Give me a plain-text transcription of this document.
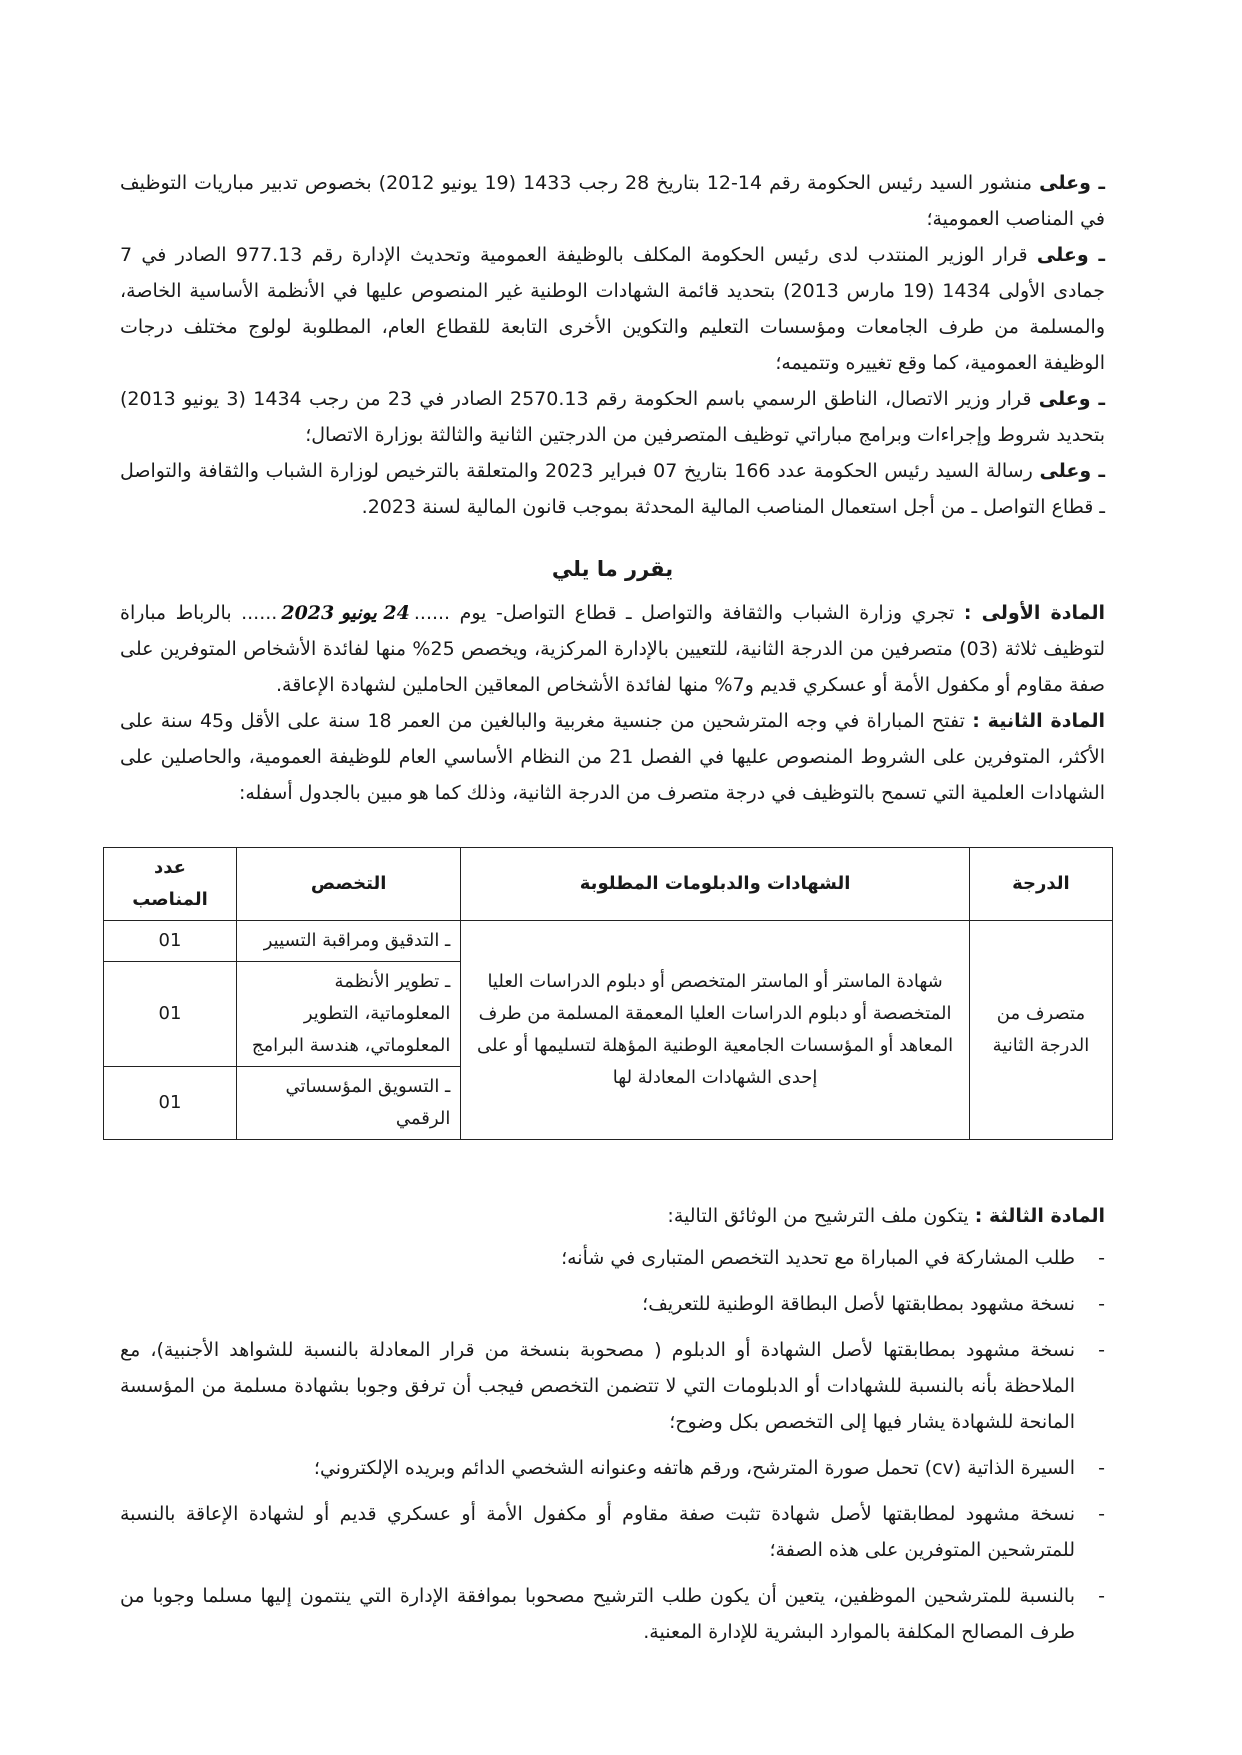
ـ وعلى منشور السيد رئيس الحكومة رقم 14-12 بتاريخ 28 رجب 1433 (19 يونيو 2012) بخصوص تدبير مباريات التوظيف في المناصب العمومية؛

ـ وعلى قرار الوزير المنتدب لدى رئيس الحكومة المكلف بالوظيفة العمومية وتحديث الإدارة رقم 977.13 الصادر في 7 جمادى الأولى 1434 (19 مارس 2013) بتحديد قائمة الشهادات الوطنية غير المنصوص عليها في الأنظمة الأساسية الخاصة، والمسلمة من طرف الجامعات ومؤسسات التعليم والتكوين الأخرى التابعة للقطاع العام، المطلوبة لولوج مختلف درجات الوظيفة العمومية، كما وقع تغييره وتتميمه؛

ـ وعلى قرار وزير الاتصال، الناطق الرسمي باسم الحكومة رقم 2570.13 الصادر في 23 من رجب 1434 (3 يونيو 2013) بتحديد شروط وإجراءات وبرامج مباراتي توظيف المتصرفين من الدرجتين الثانية والثالثة بوزارة الاتصال؛

ـ وعلى رسالة السيد رئيس الحكومة عدد 166 بتاريخ 07 فبراير 2023 والمتعلقة بالترخيص لوزارة الشباب والثقافة والتواصل ـ قطاع التواصل ـ من أجل استعمال المناصب المالية المحدثة بموجب قانون المالية لسنة 2023.

يقرر ما يلي

المادة الأولى : تجري وزارة الشباب والثقافة والتواصل ـ قطاع التواصل- يوم ......24 يونيو 2023...... بالرباط مباراة لتوظيف ثلاثة (03) متصرفين من الدرجة الثانية، للتعيين بالإدارة المركزية، ويخصص 25% منها لفائدة الأشخاص المتوفرين على صفة مقاوم أو مكفول الأمة أو عسكري قديم و7% منها لفائدة الأشخاص المعاقين الحاملين لشهادة الإعاقة.

المادة الثانية : تفتح المباراة في وجه المترشحين من جنسية مغربية والبالغين من العمر 18 سنة على الأقل و45 سنة على الأكثر، المتوفرين على الشروط المنصوص عليها في الفصل 21 من النظام الأساسي العام للوظيفة العمومية، والحاصلين على الشهادات العلمية التي تسمح بالتوظيف في درجة متصرف من الدرجة الثانية، وذلك كما هو مبين بالجدول أسفله:

الدرجة	الشهادات والدبلومات المطلوبة	التخصص	عدد المناصب
متصرف من الدرجة الثانية	شهادة الماستر أو الماستر المتخصص أو دبلوم الدراسات العليا المتخصصة أو دبلوم الدراسات العليا المعمقة المسلمة من طرف المعاهد أو المؤسسات الجامعية الوطنية المؤهلة لتسليمها أو على إحدى الشهادات المعادلة لها	ـ التدقيق ومراقبة التسيير	01
		ـ تطوير الأنظمة المعلوماتية، التطوير المعلوماتي، هندسة البرامج	01
		ـ التسويق المؤسساتي الرقمي	01

المادة الثالثة : يتكون ملف الترشيح من الوثائق التالية:

- طلب المشاركة في المباراة مع تحديد التخصص المتبارى في شأنه؛
- نسخة مشهود بمطابقتها لأصل البطاقة الوطنية للتعريف؛
- نسخة مشهود بمطابقتها لأصل الشهادة أو الدبلوم ( مصحوبة بنسخة من قرار المعادلة بالنسبة للشواهد الأجنبية)، مع الملاحظة بأنه بالنسبة للشهادات أو الدبلومات التي لا تتضمن التخصص فيجب أن ترفق وجوبا بشهادة مسلمة من المؤسسة المانحة للشهادة يشار فيها إلى التخصص بكل وضوح؛
- السيرة الذاتية (cv) تحمل صورة المترشح، ورقم هاتفه وعنوانه الشخصي الدائم وبريده الإلكتروني؛
- نسخة مشهود لمطابقتها لأصل شهادة تثبت صفة مقاوم أو مكفول الأمة أو عسكري قديم أو لشهادة الإعاقة بالنسبة للمترشحين المتوفرين على هذه الصفة؛
- بالنسبة للمترشحين الموظفين، يتعين أن يكون طلب الترشيح مصحوبا بموافقة الإدارة التي ينتمون إليها مسلما وجوبا من طرف المصالح المكلفة بالموارد البشرية للإدارة المعنية.
